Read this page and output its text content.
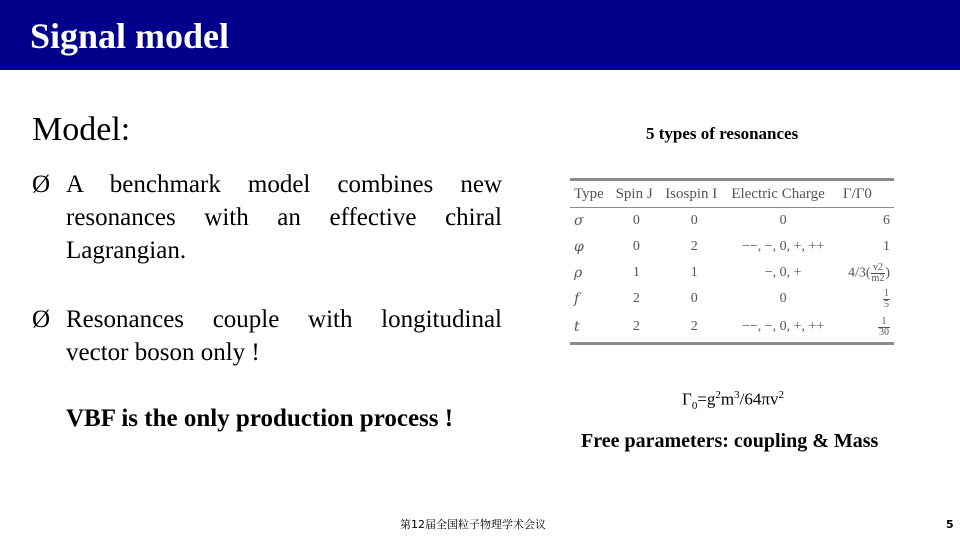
Signal model
Model:
Ø A benchmark model combines new resonances with an effective chiral Lagrangian.
Ø Resonances couple with longitudinal vector boson only !
VBF is the only production process !
5 types of resonances
Type	Spin J	Isospin I	Electric Charge	Γ/Γ0
σ	0	0	0	6
φ	0	2	−−, −, 0, +, ++	1
ρ	1	1	−, 0, +	$4/3( \frac{v2}{m2}$ )
f	2	0	0	$\frac{1}{5}$

t	2	2	−−, −, 0, +, ++	$\frac{1}{30}$
$\Gamma_0=g^2m^3/64\pi v^2$
Free parameters: coupling & Mass
第12届全国粒子物理学术会议	5
